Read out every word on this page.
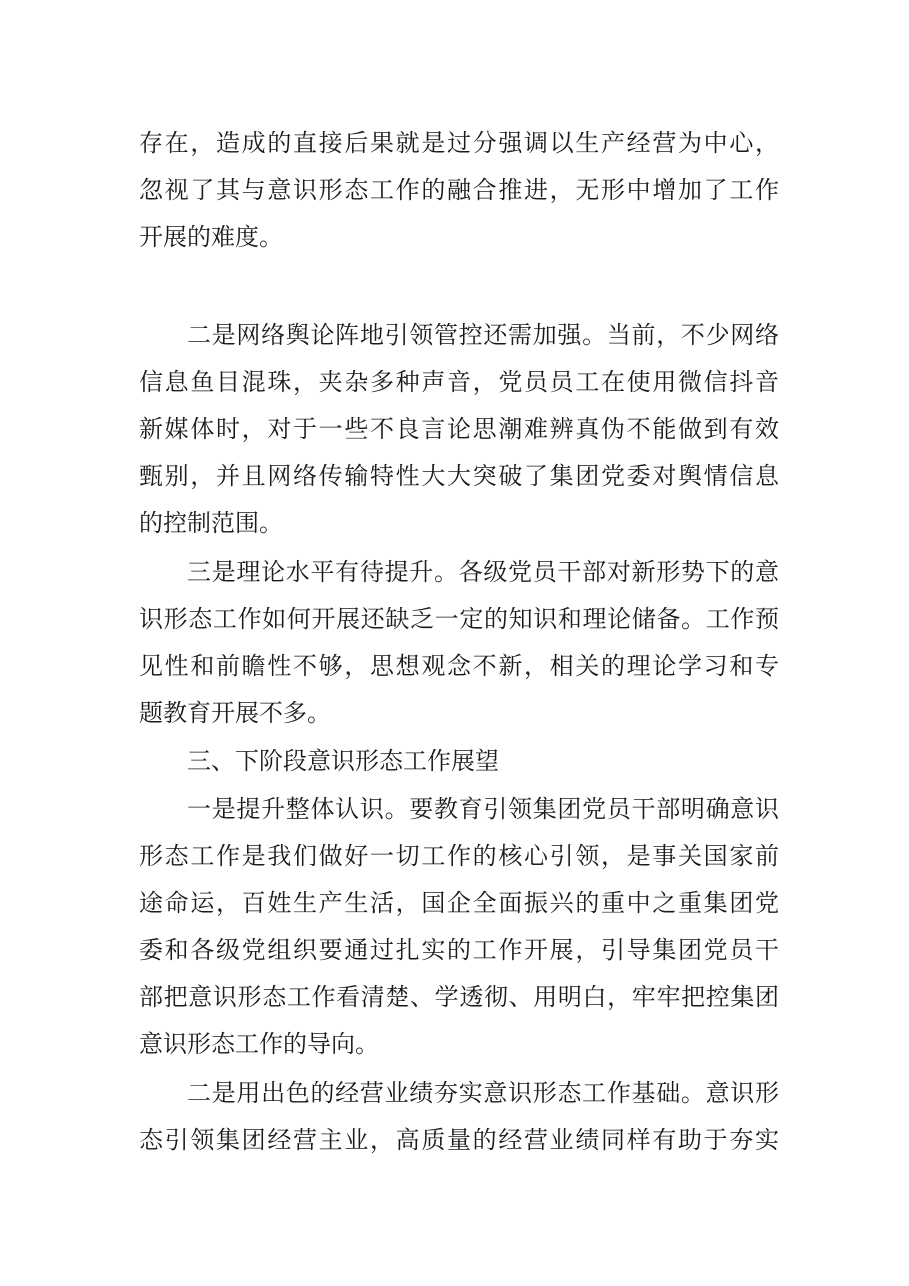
存在，造成的直接后果就是过分强调以生产经营为中心，
忽视了其与意识形态工作的融合推进，无形中增加了工作
开展的难度。
二是网络舆论阵地引领管控还需加强。当前，不少网络
信息鱼目混珠，夹杂多种声音，党员员工在使用微信抖音
新媒体时，对于一些不良言论思潮难辨真伪不能做到有效
甄别，并且网络传输特性大大突破了集团党委对舆情信息
的控制范围。
三是理论水平有待提升。各级党员干部对新形势下的意
识形态工作如何开展还缺乏一定的知识和理论储备。工作预
见性和前瞻性不够，思想观念不新，相关的理论学习和专
题教育开展不多。
三、下阶段意识形态工作展望
一是提升整体认识。要教育引领集团党员干部明确意识
形态工作是我们做好一切工作的核心引领，是事关国家前
途命运，百姓生产生活，国企全面振兴的重中之重集团党
委和各级党组织要通过扎实的工作开展，引导集团党员干
部把意识形态工作看清楚、学透彻、用明白，牢牢把控集团
意识形态工作的导向。
二是用出色的经营业绩夯实意识形态工作基础。意识形
态引领集团经营主业，高质量的经营业绩同样有助于夯实
